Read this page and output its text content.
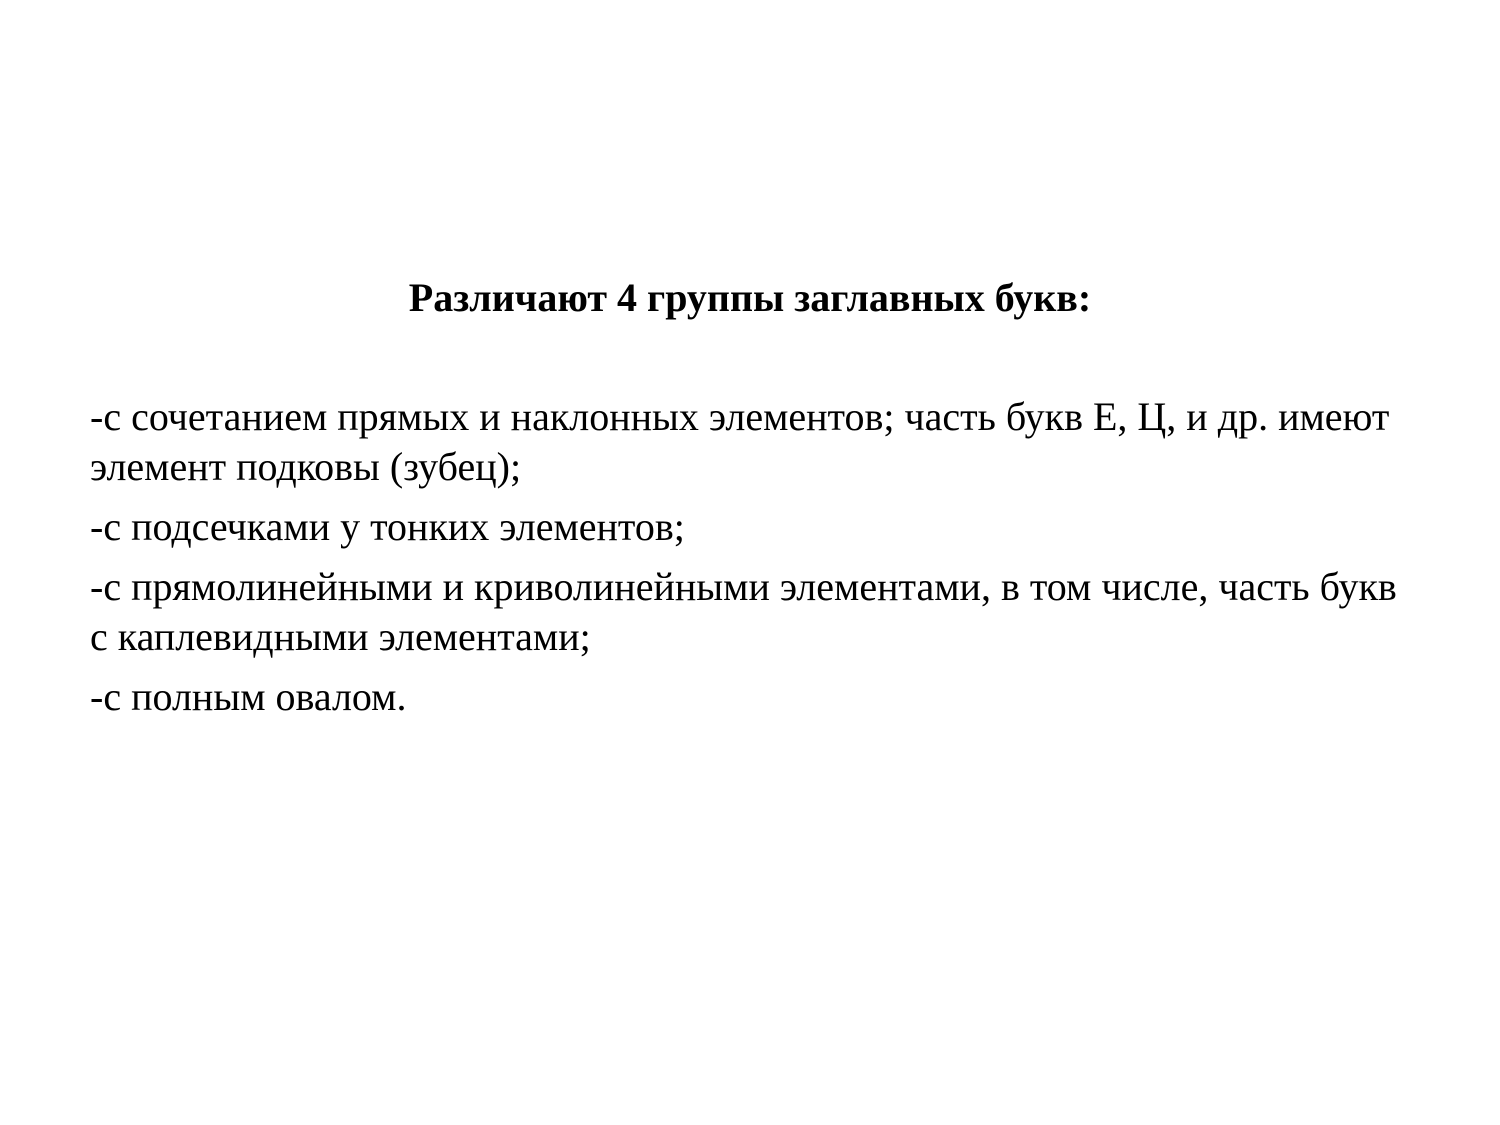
Различают 4 группы заглавных букв:
-с сочетанием прямых и наклонных элементов; часть букв Е, Ц, и др. имеют элемент подковы (зубец);
-с подсечками у тонких элементов;
-с прямолинейными и криволинейными элементами, в том числе, часть букв с каплевидными элементами;
-с полным овалом.
